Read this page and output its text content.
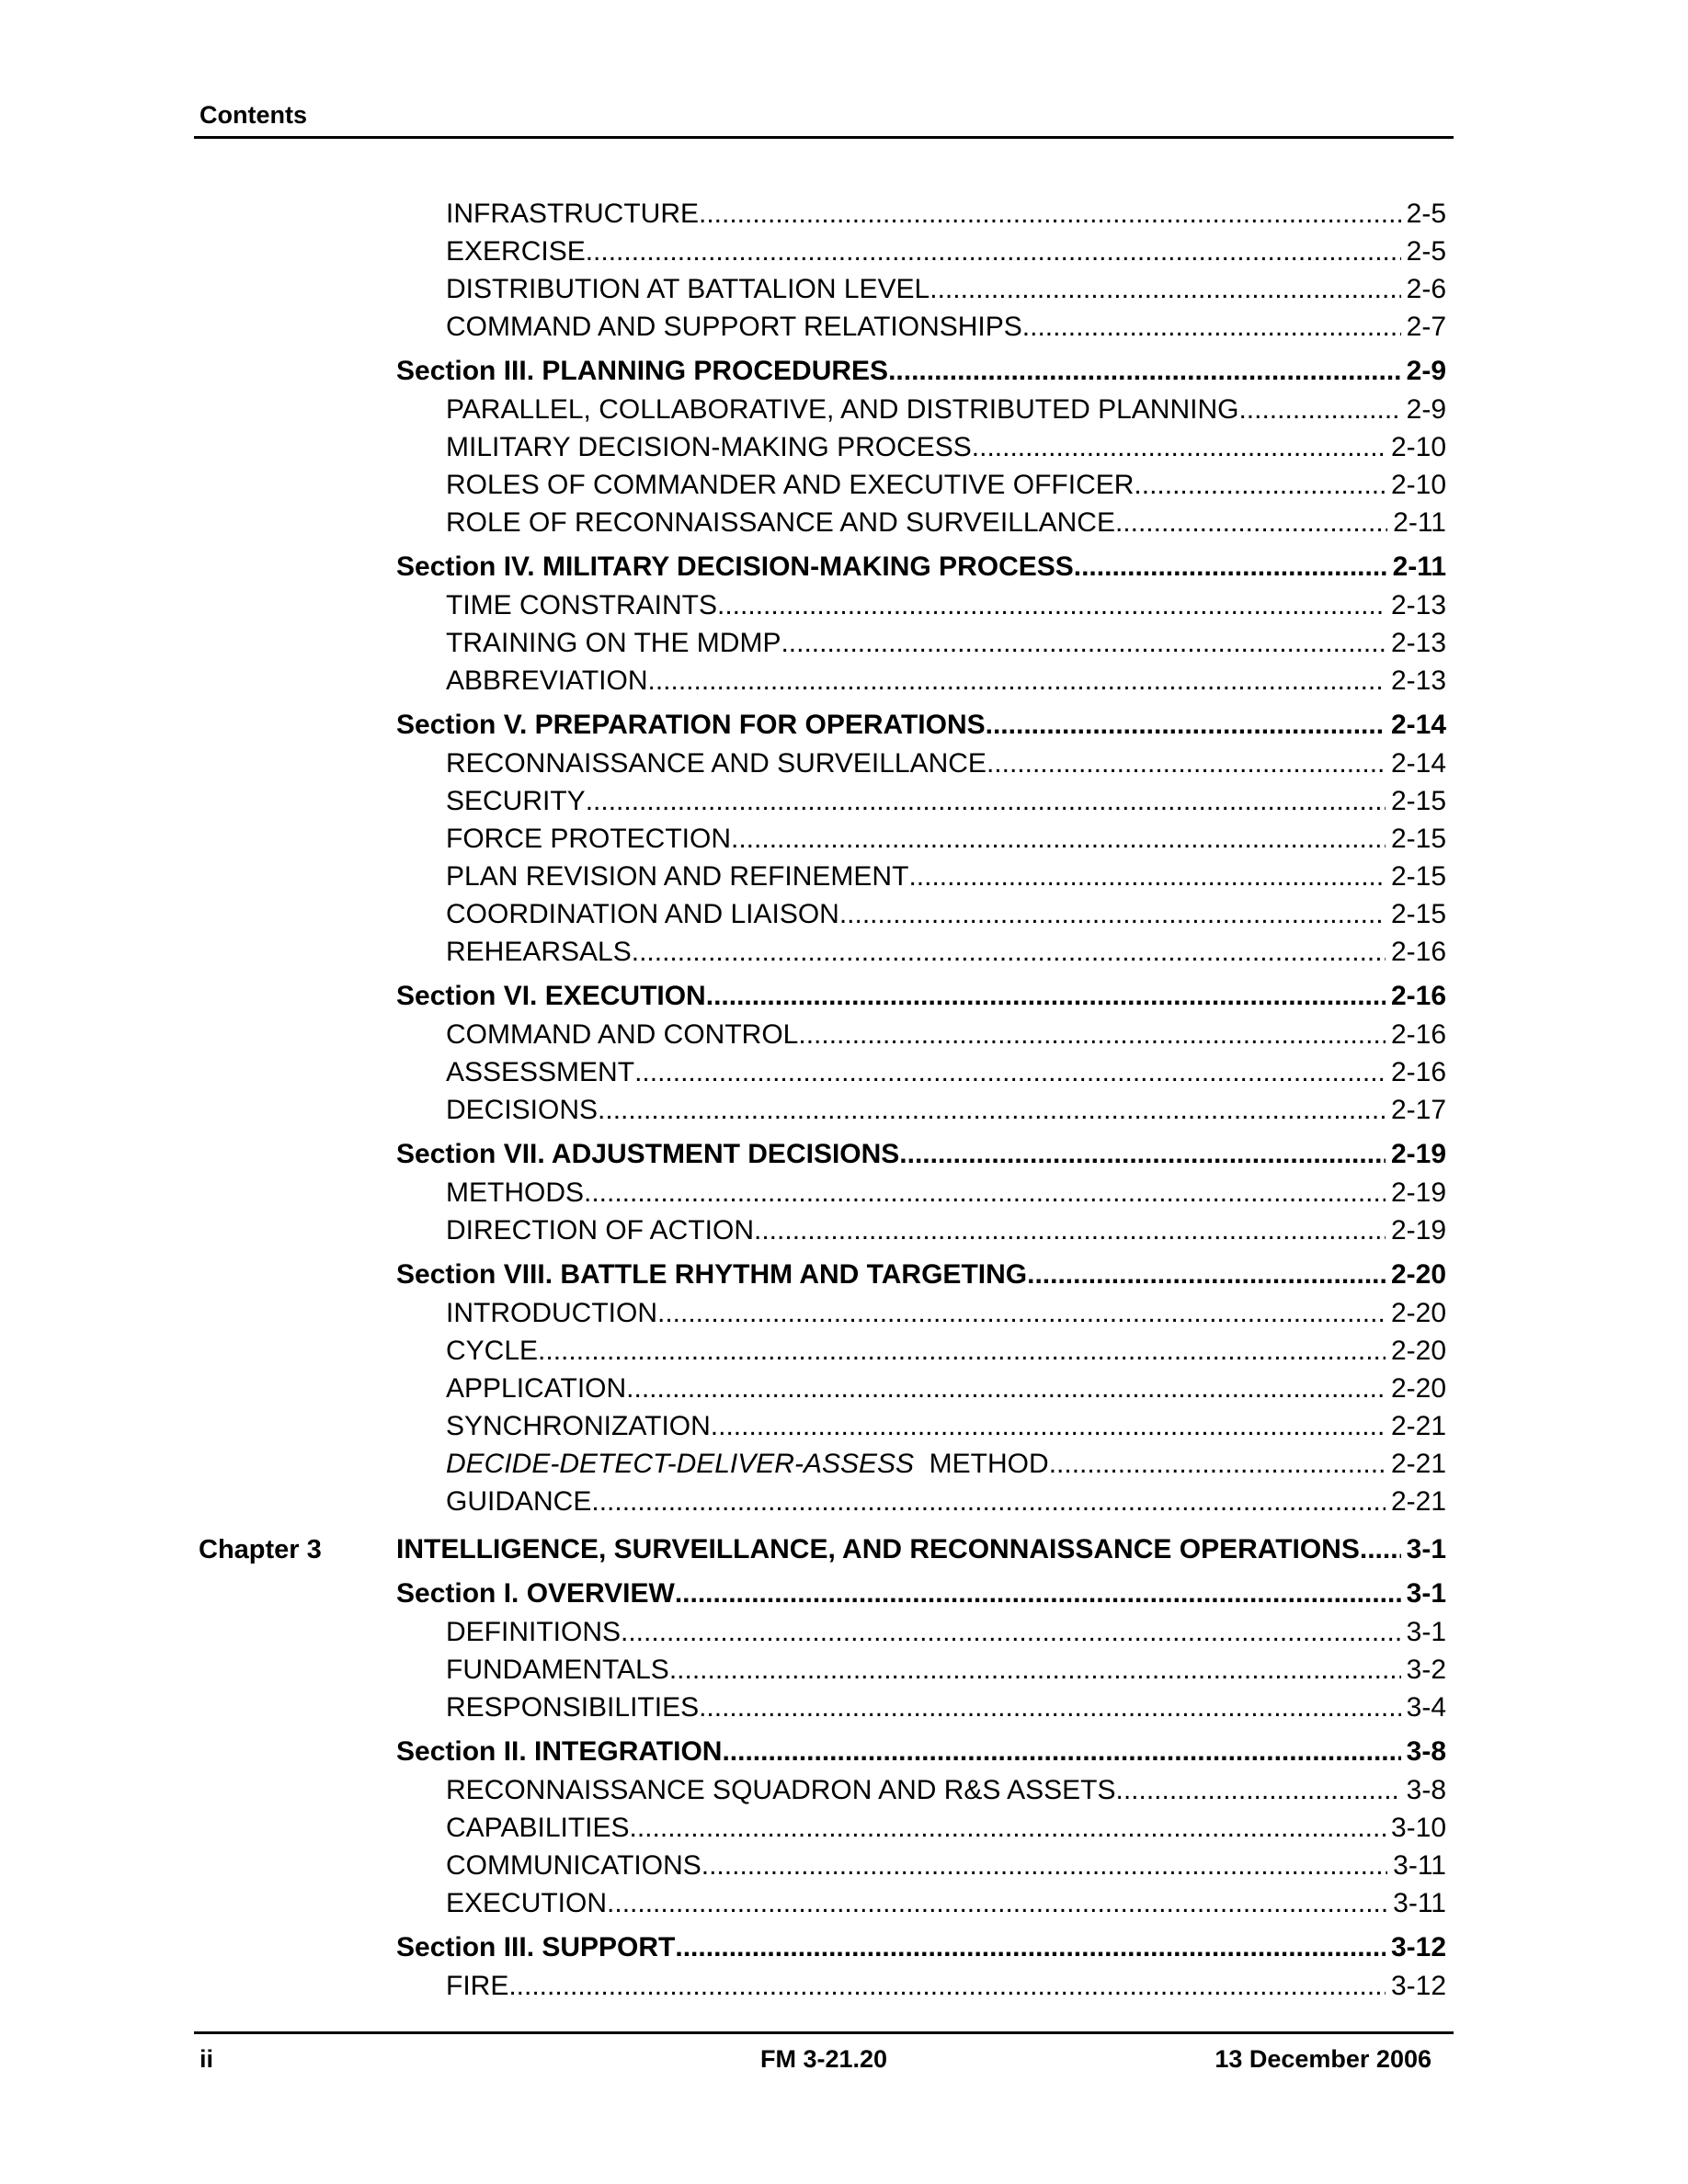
Contents
INFRASTRUCTURE .....	2-5
EXERCISE .....	2-5
DISTRIBUTION AT BATTALION LEVEL .....	2-6
COMMAND AND SUPPORT RELATIONSHIPS .....	2-7
Section III. PLANNING PROCEDURES .....	2-9
PARALLEL, COLLABORATIVE, AND DISTRIBUTED PLANNING .....	2-9
MILITARY DECISION-MAKING PROCESS .....	2-10
ROLES OF COMMANDER AND EXECUTIVE OFFICER .....	2-10
ROLE OF RECONNAISSANCE AND SURVEILLANCE .....	2-11
Section IV. MILITARY DECISION-MAKING PROCESS .....	2-11
TIME CONSTRAINTS .....	2-13
TRAINING ON THE MDMP .....	2-13
ABBREVIATION .....	2-13
Section V. PREPARATION FOR OPERATIONS .....	2-14
RECONNAISSANCE AND SURVEILLANCE .....	2-14
SECURITY .....	2-15
FORCE PROTECTION .....	2-15
PLAN REVISION AND REFINEMENT .....	2-15
COORDINATION AND LIAISON .....	2-15
REHEARSALS .....	2-16
Section VI. EXECUTION .....	2-16
COMMAND AND CONTROL .....	2-16
ASSESSMENT .....	2-16
DECISIONS .....	2-17
Section VII. ADJUSTMENT DECISIONS .....	2-19
METHODS .....	2-19
DIRECTION OF ACTION .....	2-19
Section VIII. BATTLE RHYTHM AND TARGETING .....	2-20
INTRODUCTION .....	2-20
CYCLE .....	2-20
APPLICATION .....	2-20
SYNCHRONIZATION .....	2-21
DECIDE-DETECT-DELIVER-ASSESS  METHOD .....	2-21
GUIDANCE .....	2-21
Chapter 3	INTELLIGENCE, SURVEILLANCE, AND RECONNAISSANCE OPERATIONS ..... 3-1
Section I. OVERVIEW .....	3-1
DEFINITIONS .....	3-1
FUNDAMENTALS .....	3-2
RESPONSIBILITIES .....	3-4
Section II. INTEGRATION .....	3-8
RECONNAISSANCE SQUADRON AND R&S ASSETS .....	3-8
CAPABILITIES .....	3-10
COMMUNICATIONS .....	3-11
EXECUTION .....	3-11
Section III. SUPPORT .....	3-12
FIRE .....	3-12
ii	FM 3-21.20	13 December 2006
